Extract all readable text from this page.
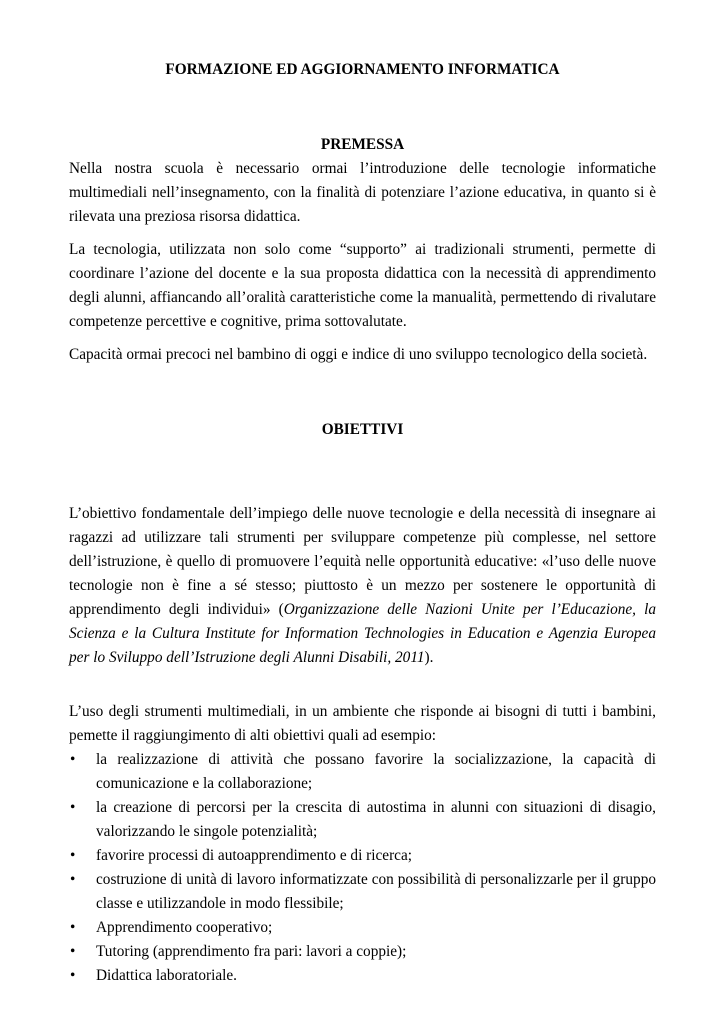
FORMAZIONE ED AGGIORNAMENTO INFORMATICA
PREMESSA

Nella nostra scuola è necessario ormai l’introduzione delle tecnologie informatiche multimediali nell’insegnamento, con la finalità di potenziare l’azione educativa, in quanto si è rilevata una preziosa risorsa didattica.

La tecnologia, utilizzata non solo come “supporto” ai tradizionali strumenti, permette di coordinare l’azione del docente e la sua proposta didattica con la necessità di apprendimento degli alunni, affiancando all’oralità caratteristiche come la manualità, permettendo di rivalutare competenze percettive e cognitive, prima sottovalutate.

Capacità ormai precoci nel bambino di oggi e indice di uno sviluppo tecnologico della società.

OBIETTIVI

L’obiettivo fondamentale dell’impiego delle nuove tecnologie e della necessità di insegnare ai ragazzi ad utilizzare tali strumenti per sviluppare competenze più complesse, nel settore dell’istruzione, è quello di promuovere l’equità nelle opportunità educative: «l’uso delle nuove tecnologie non è fine a sé stesso; piuttosto è un mezzo per sostenere le opportunità di apprendimento degli individui» (Organizzazione delle Nazioni Unite per l’Educazione, la Scienza e la Cultura Institute for Information Technologies in Education e Agenzia Europea per lo Sviluppo dell’Istruzione degli Alunni Disabili, 2011).

L’uso degli strumenti multimediali, in un ambiente che risponde ai bisogni di tutti i bambini, pemette il raggiungimento di alti obiettivi quali ad esempio:

• la realizzazione di attività che possano favorire la socializzazione, la capacità di comunicazione e la collaborazione;
• la creazione di percorsi per la crescita di autostima in alunni con situazioni di disagio, valorizzando le singole potenzialità;
• favorire processi di autoapprendimento e di ricerca;
• costruzione di unità di lavoro informatizzate con possibilità di personalizzarle per il gruppo classe e utilizzandole in modo flessibile;
• Apprendimento cooperativo;
• Tutoring (apprendimento fra pari: lavori a coppie);
• Didattica laboratoriale.
